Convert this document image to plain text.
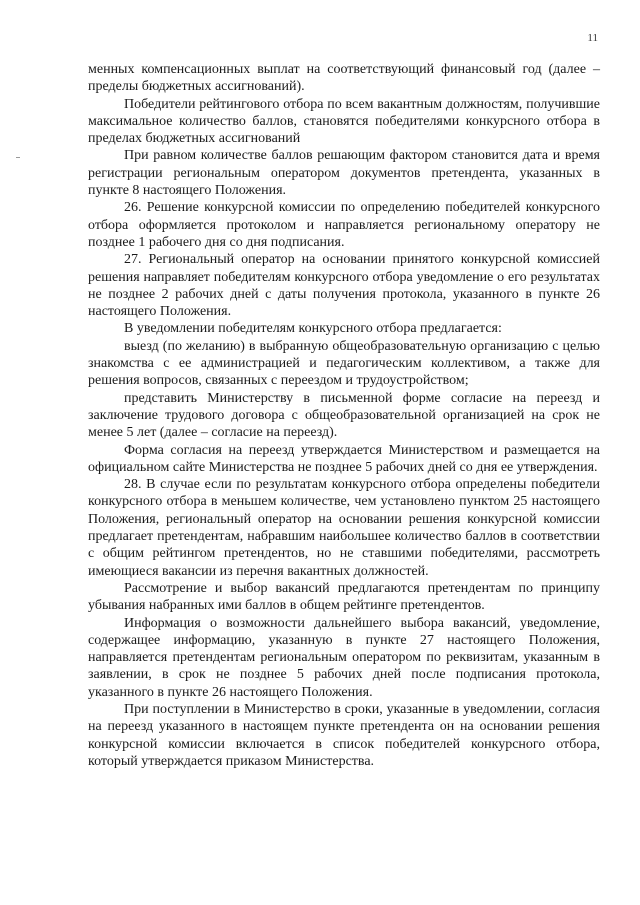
11

менных компенсационных выплат на соответствующий финансовый год (далее – пределы бюджетных ассигнований).

Победители рейтингового отбора по всем вакантным должностям, получившие максимальное количество баллов, становятся победителями конкурсного отбора в пределах бюджетных ассигнований

При равном количестве баллов решающим фактором становится дата и время регистрации региональным оператором документов претендента, указанных в пункте 8 настоящего Положения.

26. Решение конкурсной комиссии по определению победителей конкурсного отбора оформляется протоколом и направляется региональному оператору не позднее 1 рабочего дня со дня подписания.

27. Региональный оператор на основании принятого конкурсной комиссией решения направляет победителям конкурсного отбора уведомление о его результатах не позднее 2 рабочих дней с даты получения протокола, указанного в пункте 26 настоящего Положения.

В уведомлении победителям конкурсного отбора предлагается:

выезд (по желанию) в выбранную общеобразовательную организацию с целью знакомства с ее администрацией и педагогическим коллективом, а также для решения вопросов, связанных с переездом и трудоустройством;

представить Министерству в письменной форме согласие на переезд и заключение трудового договора с общеобразовательной организацией на срок не менее 5 лет (далее – согласие на переезд).

Форма согласия на переезд утверждается Министерством и размещается на официальном сайте Министерства не позднее 5 рабочих дней со дня ее утверждения.

28. В случае если по результатам конкурсного отбора определены победители конкурсного отбора в меньшем количестве, чем установлено пунктом 25 настоящего Положения, региональный оператор на основании решения конкурсной комиссии предлагает претендентам, набравшим наибольшее количество баллов в соответствии с общим рейтингом претендентов, но не ставшими победителями, рассмотреть имеющиеся вакансии из перечня вакантных должностей.

Рассмотрение и выбор вакансий предлагаются претендентам по принципу убывания набранных ими баллов в общем рейтинге претендентов.

Информация о возможности дальнейшего выбора вакансий, уведомление, содержащее информацию, указанную в пункте 27 настоящего Положения, направляется претендентам региональным оператором по реквизитам, указанным в заявлении, в срок не позднее 5 рабочих дней после подписания протокола, указанного в пункте 26 настоящего Положения.

При поступлении в Министерство в сроки, указанные в уведомлении, согласия на переезд указанного в настоящем пункте претендента он на основании решения конкурсной комиссии включается в список победителей конкурсного отбора, который утверждается приказом Министерства.
